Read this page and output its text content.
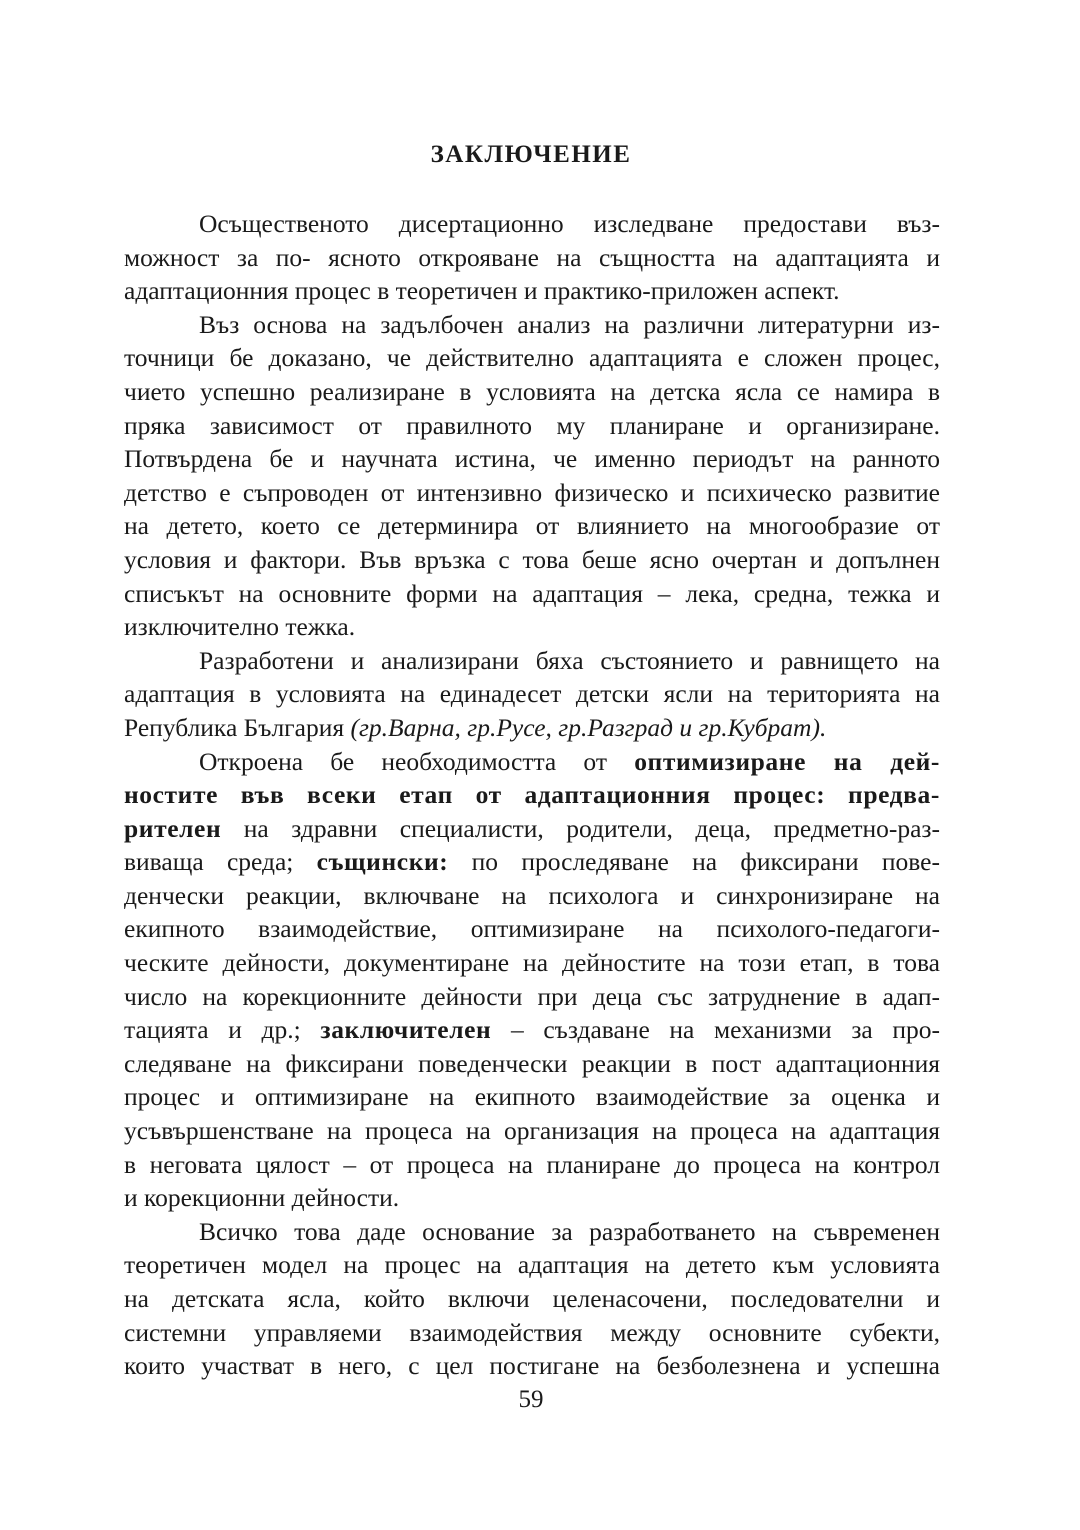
ЗАКЛЮЧЕНИЕ

Осъщественото дисертационно изследване предостави въз-
можност за по- ясното открояване на същността на адаптацията и
адаптационния процес в теоретичен и практико-приложен аспект.

Въз основа на задълбочен анализ на различни литературни из-
точници бе доказано, че действително адаптацията е сложен процес,
чието успешно реализиране в условията на детска ясла се намира в
пряка зависимост от правилното му планиране и организиране.
Потвърдена бе и научната истина, че именно периодът на ранното
детство е съпроводен от интензивно физическо и психическо развитие
на детето, което се детерминира от влиянието на многообразие от
условия и фактори. Във връзка с това беше ясно очертан и допълнен
списъкът на основните форми на адаптация – лека, средна, тежка и
изключително тежка.

Разработени и анализирани бяха състоянието и равнището на
адаптация в условията на единадесет детски ясли на територията на
Република България (гр.Варна, гр.Русе, гр.Разград и гр.Кубрат).

Откроена бе необходимостта от оптимизиране на дей-
ностите във всеки етап от адаптационния процес: предва-
рителен на здравни специалисти, родители, деца, предметно-раз-
виваща среда; същински: по проследяване на фиксирани пове-
денчески реакции, включване на психолога и синхронизиране на
екипното взаимодействие, оптимизиране на психолого-педагоги-
ческите дейности, документиране на дейностите на този етап, в това
число на корекционните дейности при деца със затруднение в адап-
тацията и др.; заключителен – създаване на механизми за про-
следяване на фиксирани поведенчески реакции в пост адаптационния
процес и оптимизиране на екипното взаимодействие за оценка и
усъвършенстване на процеса на организация на процеса на адаптация
в неговата цялост – от процеса на планиране до процеса на контрол
и корекционни дейности.

Всичко това даде основание за разработването на съвременен
теоретичен модел на процес на адаптация на детето към условията
на детската ясла, който включи целенасочени, последователни и
системни управляеми взаимодействия между основните субекти,
които участват в него, с цел постигане на безболезнена и успешна

59
